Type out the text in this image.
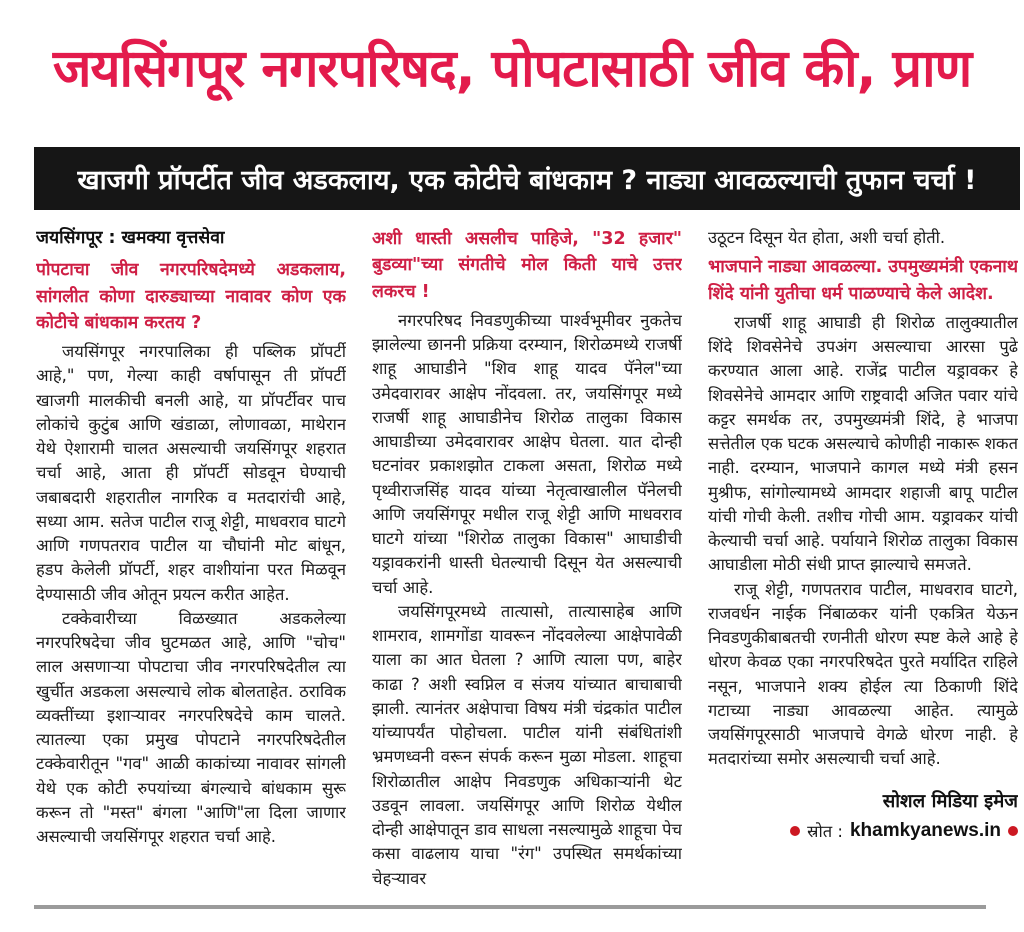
जयसिंगपूर नगरपरिषद, पोपटासाठी जीव की, प्राण
खाजगी प्रॉपर्टीत जीव अडकलाय, एक कोटीचे बांधकाम ? नाड्या आवळल्याची तुफान चर्चा !

जयसिंगपूर : खमक्या वृत्तसेवा

पोपटाचा जीव नगरपरिषदेमध्ये अडकलाय, सांगलीत कोणा दारुड्याच्या नावावर कोण एक कोटीचे बांधकाम करतय ?

जयसिंगपूर नगरपालिका ही पब्लिक प्रॉपर्टी आहे," पण, गेल्या काही वर्षापासून ती प्रॉपर्टी खाजगी मालकीची बनली आहे, या प्रॉपर्टीवर पाच लोकांचे कुटुंब आणि खंडाळा, लोणावळा, माथेरान येथे ऐशारामी चालत असल्याची जयसिंगपूर शहरात चर्चा आहे, आता ही प्रॉपर्टी सोडवून घेण्याची जबाबदारी शहरातील नागरिक व मतदारांची आहे, सध्या आम. सतेज पाटील राजू शेट्टी, माधवराव घाटगे आणि गणपतराव पाटील या चौघांनी मोट बांधून, हडप केलेली प्रॉपर्टी, शहर वाशीयांना परत मिळवून देण्यासाठी जीव ओतून प्रयत्न करीत आहेत.

टक्केवारीच्या विळख्यात अडकलेल्या नगरपरिषदेचा जीव घुटमळत आहे, आणि "चोच" लाल असणाऱ्या पोपटाचा जीव नगरपरिषदेतील त्या खुर्चीत अडकला असल्याचे लोक बोलताहेत. ठराविक व्यक्तींच्या इशाऱ्यावर नगरपरिषदेचे काम चालते. त्यातल्या एका प्रमुख पोपटाने नगरपरिषदेतील टक्केवारीतून "गव" आळी काकांच्या नावावर सांगली येथे एक कोटी रुपयांच्या बंगल्याचे बांधकाम सुरू करून तो "मस्त" बंगला "आणि"ला दिला जाणार असल्याची जयसिंगपूर शहरात चर्चा आहे.

अशी धास्ती असलीच पाहिजे, "32 हजार" बुडव्या"च्या संगतीचे मोल किती याचे उत्तर लकरच !

नगरपरिषद निवडणुकीच्या पार्श्वभूमीवर नुकतेच झालेल्या छाननी प्रक्रिया दरम्यान, शिरोळमध्ये राजर्षी शाहू आघाडीने "शिव शाहू यादव पॅनेल"च्या उमेदवारावर आक्षेप नोंदवला. तर, जयसिंगपूर मध्ये राजर्षी शाहू आघाडीनेच शिरोळ तालुका विकास आघाडीच्या उमेदवारावर आक्षेप घेतला. यात दोन्ही घटनांवर प्रकाशझोत टाकला असता, शिरोळ मध्ये पृथ्वीराजसिंह यादव यांच्या नेतृत्वाखालील पॅनेलची आणि जयसिंगपूर मधील राजू शेट्टी आणि माधवराव घाटगे यांच्या "शिरोळ तालुका विकास" आघाडीची यड्रावकरांनी धास्ती घेतल्याची दिसून येत असल्याची चर्चा आहे.

जयसिंगपूरमध्ये तात्यासो, तात्यासाहेब आणि शामराव, शामगोंडा यावरून नोंदवलेल्या आक्षेपावेळी याला का आत घेतला ? आणि त्याला पण, बाहेर काढा ? अशी स्वप्निल व संजय यांच्यात बाचाबाची झाली. त्यानंतर अक्षेपाचा विषय मंत्री चंद्रकांत पाटील यांच्यापर्यंत पोहोचला. पाटील यांनी संबंधितांशी भ्रमणध्वनी वरून संपर्क करून मुळा मोडला. शाहूचा शिरोळातील आक्षेप निवडणुक अधिकाऱ्यांनी थेट उडवून लावला. जयसिंगपूर आणि शिरोळ येथील दोन्ही आक्षेपातून डाव साधला नसल्यामुळे शाहूचा पेच कसा वाढलाय याचा "रंग" उपस्थित समर्थकांच्या चेहऱ्यावर

उठूटन दिसून येत होता, अशी चर्चा होती.

भाजपाने नाड्या आवळल्या. उपमुख्यमंत्री एकनाथ शिंदे यांनी युतीचा धर्म पाळण्याचे केले आदेश.

राजर्षी शाहू आघाडी ही शिरोळ तालुक्यातील शिंदे शिवसेनेचे उपअंग असल्याचा आरसा पुढे करण्यात आला आहे. राजेंद्र पाटील यड्रावकर हे शिवसेनेचे आमदार आणि राष्ट्रवादी अजित पवार यांचे कट्टर समर्थक तर, उपमुख्यमंत्री शिंदे, हे भाजपा सत्तेतील एक घटक असल्याचे कोणीही नाकारू शकत नाही. दरम्यान, भाजपाने कागल मध्ये मंत्री हसन मुश्रीफ, सांगोल्यामध्ये आमदार शहाजी बापू पाटील यांची गोची केली. तशीच गोची आम. यड्रावकर यांची केल्याची चर्चा आहे. पर्यायाने शिरोळ तालुका विकास आघाडीला मोठी संधी प्राप्त झाल्याचे समजते.

राजू शेट्टी, गणपतराव पाटील, माधवराव घाटगे, राजवर्धन नाईक निंबाळकर यांनी एकत्रित येऊन निवडणुकीबाबतची रणनीती धोरण स्पष्ट केले आहे हे धोरण केवळ एका नगरपरिषदेत पुरते मर्यादित राहिले नसून, भाजपाने शक्य होईल त्या ठिकाणी शिंदे गटाच्या नाड्या आवळल्या आहेत. त्यामुळे जयसिंगपूरसाठी भाजपाचे वेगळे धोरण नाही. हे मतदारांच्या समोर असल्याची चर्चा आहे.

सोशल मिडिया इमेज
स्रोत : khamkyanews.in
